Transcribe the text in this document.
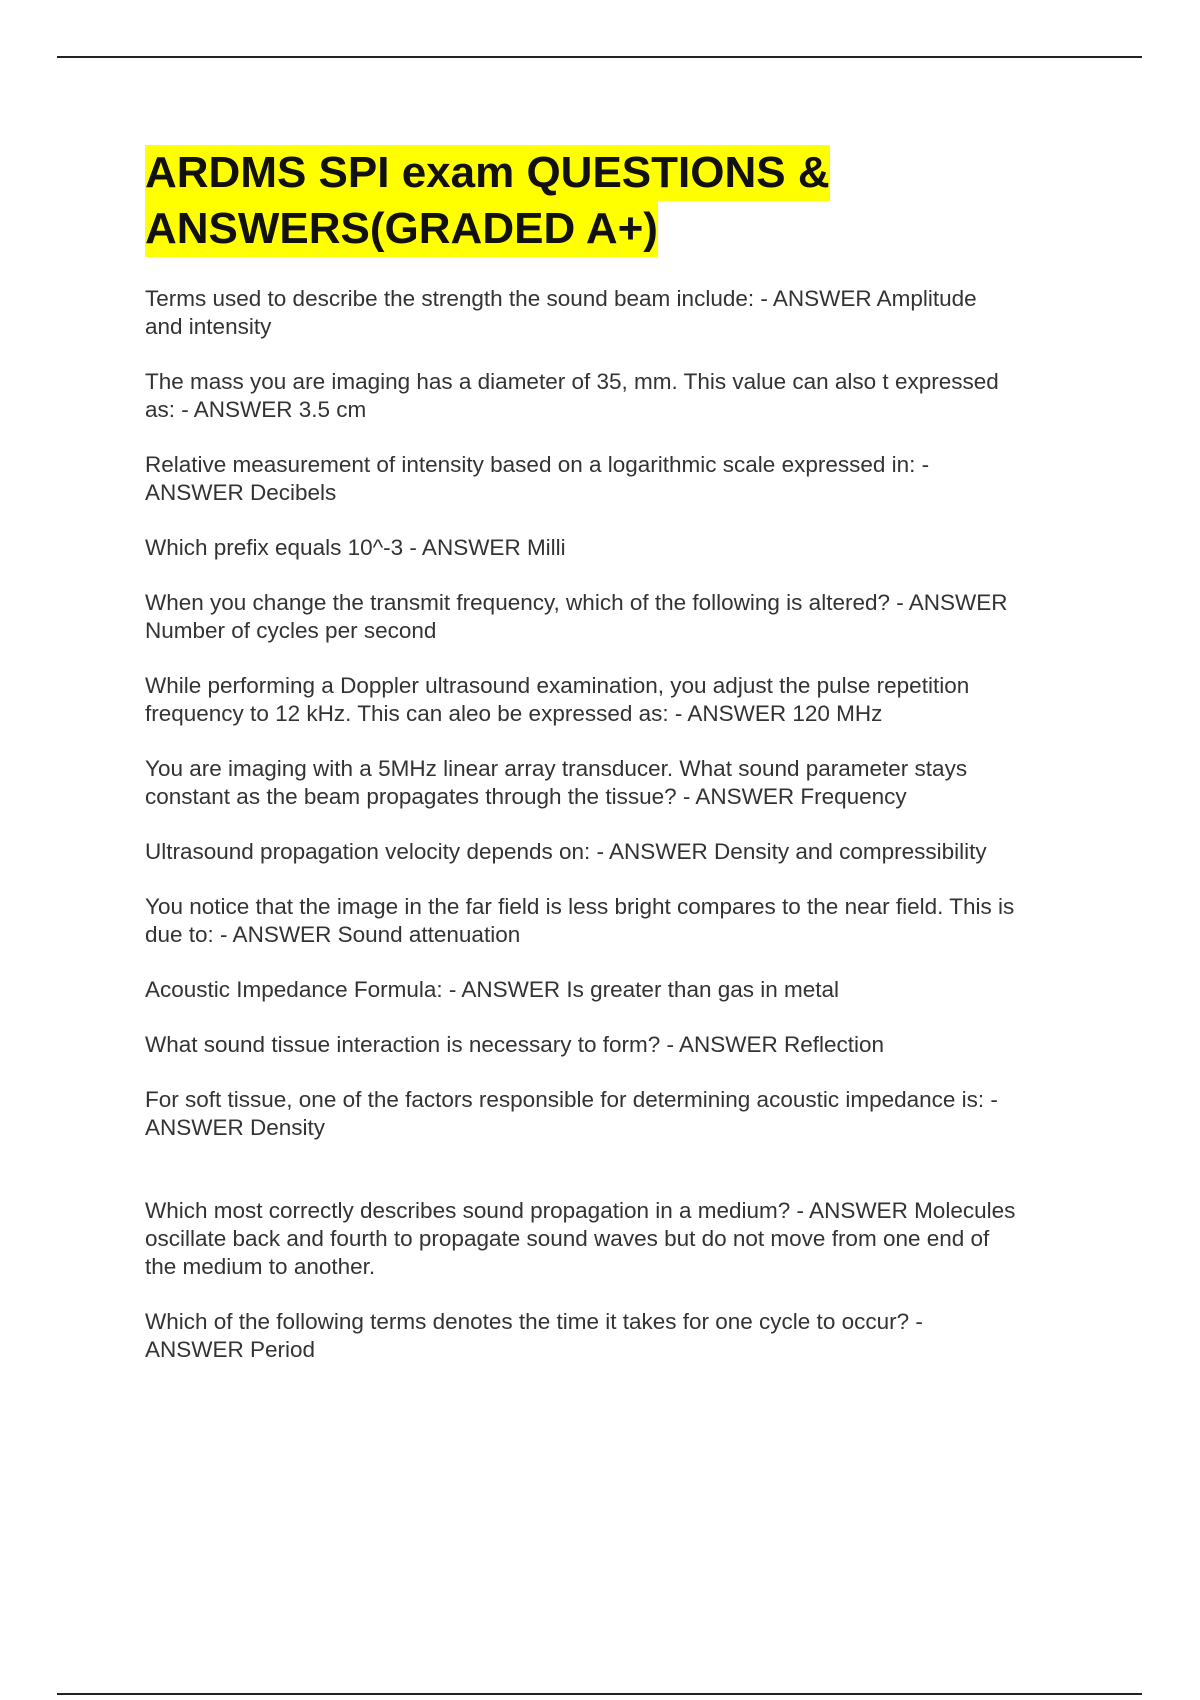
ARDMS SPI exam QUESTIONS &
ANSWERS(GRADED A+)

Terms used to describe the strength the sound beam include: - ANSWER Amplitude
and intensity

The mass you are imaging has a diameter of 35, mm. This value can also t expressed
as: - ANSWER 3.5 cm

Relative measurement of intensity based on a logarithmic scale expressed in: -
ANSWER Decibels

Which prefix equals 10^-3 - ANSWER Milli

When you change the transmit frequency, which of the following is altered? - ANSWER
Number of cycles per second

While performing a Doppler ultrasound examination, you adjust the pulse repetition
frequency to 12 kHz. This can aleo be expressed as: - ANSWER 120 MHz

You are imaging with a 5MHz linear array transducer. What sound parameter stays
constant as the beam propagates through the tissue? - ANSWER Frequency

Ultrasound propagation velocity depends on: - ANSWER Density and compressibility

You notice that the image in the far field is less bright compares to the near field. This is
due to: - ANSWER Sound attenuation

Acoustic Impedance Formula: - ANSWER Is greater than gas in metal

What sound tissue interaction is necessary to form? - ANSWER Reflection

For soft tissue, one of the factors responsible for determining acoustic impedance is: -
ANSWER Density

Which most correctly describes sound propagation in a medium? - ANSWER Molecules
oscillate back and fourth to propagate sound waves but do not move from one end of
the medium to another.

Which of the following terms denotes the time it takes for one cycle to occur? -
ANSWER Period
